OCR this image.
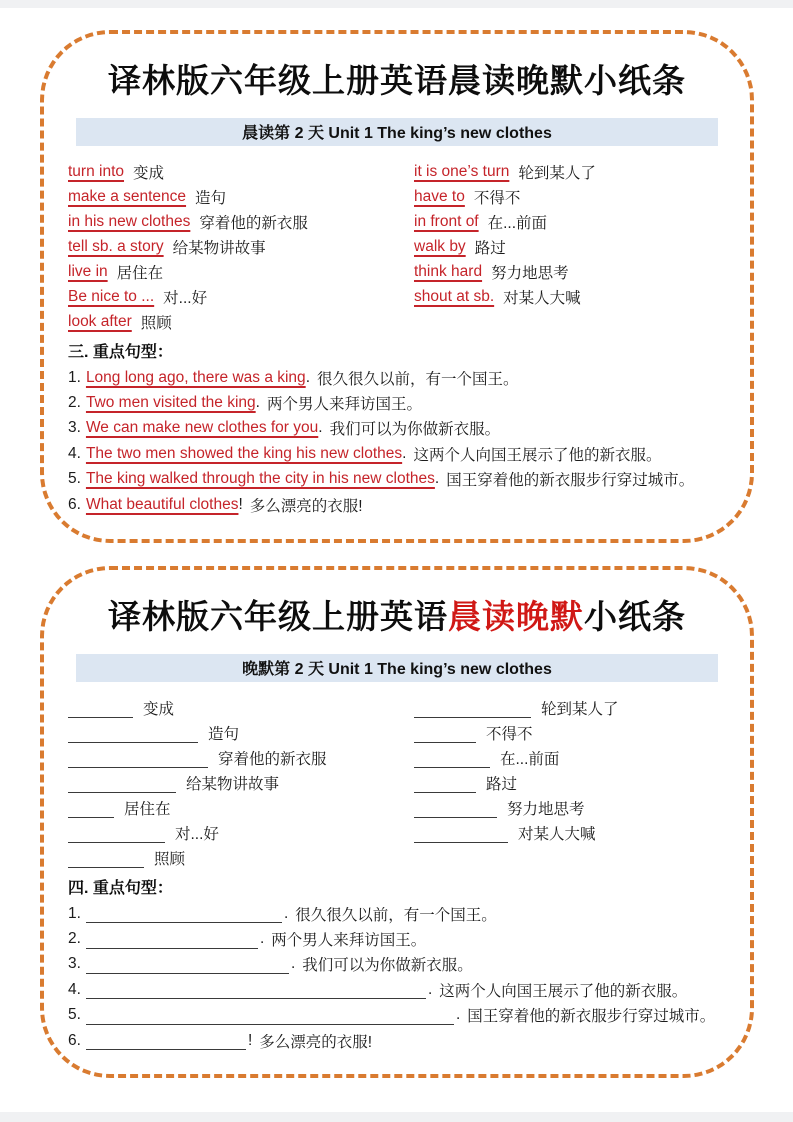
译林版六年级上册英语晨读晚默小纸条
晨读第 2 天 Unit 1 The king’s new clothes
turn into 变成
make a sentence 造句
in his new clothes 穿着他的新衣服
tell sb. a story 给某物讲故事
live in 居住在
Be nice to ... 对...好
look after 照顾
it is one’s turn 轮到某人了
have to 不得不
in front of 在...前面
walk by 路过
think hard 努力地思考
shout at sb. 对某人大喊
三. 重点句型：
1. Long long ago, there was a king . 很久很久以前，有一个国王。
2. Two men visited the king . 两个男人来拜访国王。
3. We can make new clothes for you . 我们可以为你做新衣服。
4. The two men showed the king his new clothes . 这两个人向国王展示了他的新衣服。
5. The king walked through the city in his new clothes . 国王穿着他的新衣服步行穿过城市。
6. What beautiful clothes ! 多么漂亮的衣服!
译林版六年级上册英语晨读晚默小纸条
晚默第 2 天 Unit 1 The king’s new clothes
变成
造句
穿着他的新衣服
给某物讲故事
居住在
对...好
照顾
轮到某人了
不得不
在...前面
路过
努力地思考
对某人大喊
四. 重点句型：
1.	. 很久很久以前，有一个国王。
2.	. 两个男人来拜访国王。
3.	. 我们可以为你做新衣服。
4.	. 这两个人向国王展示了他的新衣服。
5.	. 国王穿着他的新衣服步行穿过城市。
6.	! 多么漂亮的衣服!
